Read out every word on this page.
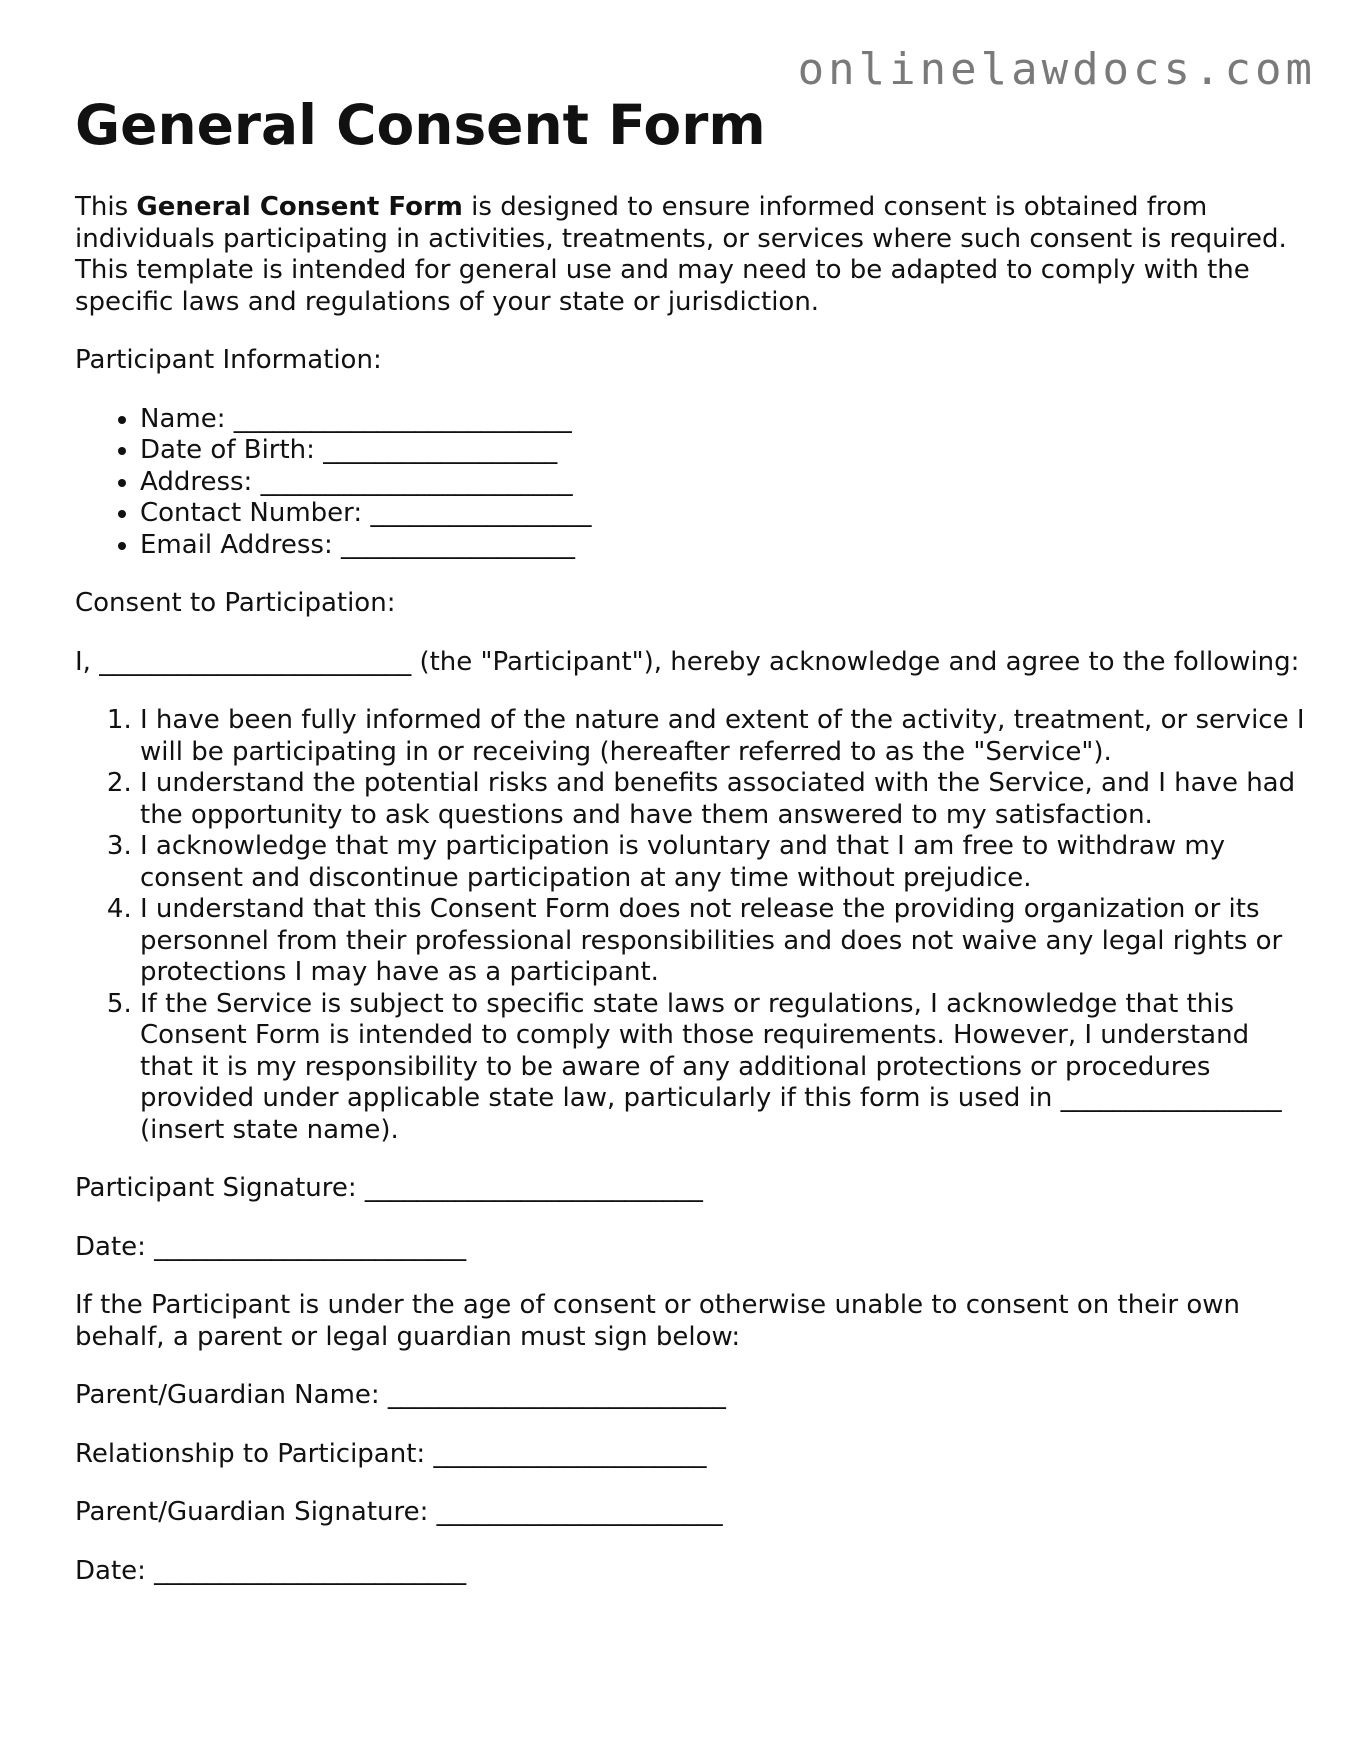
onlinelawdocs.com
General Consent Form

This General Consent Form is designed to ensure informed consent is obtained from individuals participating in activities, treatments, or services where such consent is required. This template is intended for general use and may need to be adapted to comply with the specific laws and regulations of your state or jurisdiction.

Participant Information:

• Name: __________________________
• Date of Birth: __________________
• Address: ________________________
• Contact Number: _________________
• Email Address: __________________

Consent to Participation:

I, ________________________ (the "Participant"), hereby acknowledge and agree to the following:

1. I have been fully informed of the nature and extent of the activity, treatment, or service I will be participating in or receiving (hereafter referred to as the "Service").
2. I understand the potential risks and benefits associated with the Service, and I have had the opportunity to ask questions and have them answered to my satisfaction.
3. I acknowledge that my participation is voluntary and that I am free to withdraw my consent and discontinue participation at any time without prejudice.
4. I understand that this Consent Form does not release the providing organization or its personnel from their professional responsibilities and does not waive any legal rights or protections I may have as a participant.
5. If the Service is subject to specific state laws or regulations, I acknowledge that this Consent Form is intended to comply with those requirements. However, I understand that it is my responsibility to be aware of any additional protections or procedures provided under applicable state law, particularly if this form is used in _________________ (insert state name).

Participant Signature: __________________________

Date: ________________________

If the Participant is under the age of consent or otherwise unable to consent on their own behalf, a parent or legal guardian must sign below:

Parent/Guardian Name: __________________________

Relationship to Participant: _____________________

Parent/Guardian Signature: ______________________

Date: ________________________
